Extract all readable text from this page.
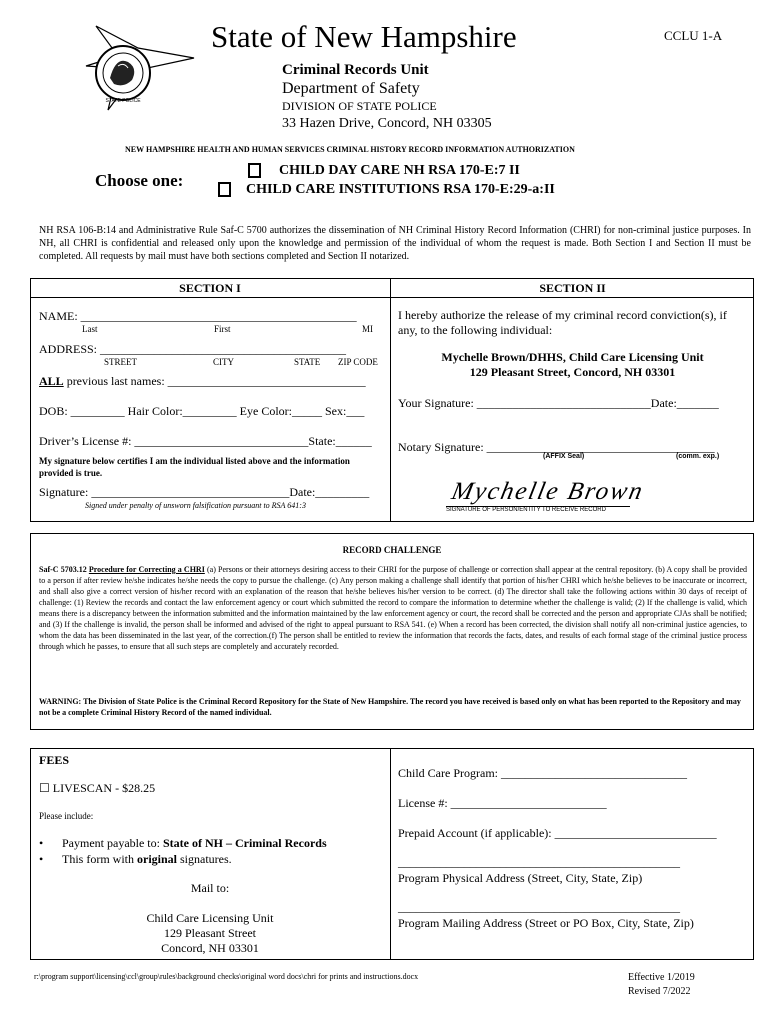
STATE POLICE
State of New Hampshire	CCLU 1-A
Criminal Records Unit
Department of Safety
DIVISION OF STATE POLICE
33 Hazen Drive, Concord, NH 03305
NEW HAMPSHIRE HEALTH AND HUMAN SERVICES CRIMINAL HISTORY RECORD INFORMATION AUTHORIZATION
Choose one:
CHILD DAY CARE NH RSA 170-E:7 II
CHILD CARE INSTITUTIONS RSA 170-E:29-a:II
NH RSA 106-B:14 and Administrative Rule Saf-C 5700 authorizes the dissemination of NH Criminal History Record Information (CHRI) for non-criminal justice purposes. In NH, all CHRI is confidential and released only upon the knowledge and permission of the individual of whom the request is made. Both Section I and Section II must be completed. All requests by mail must have both sections completed and Section II notarized.
SECTION I	SECTION II
NAME: ______________________________________________
Last	First	MI
ADDRESS: _________________________________________
STREET	CITY	STATE ZIP CODE
ALL previous last names: _________________________________
DOB: _________ Hair Color:_________ Eye Color:_____ Sex:___
Driver’s License #: _____________________________State:______
My signature below certifies I am the individual listed above and the information provided is true.
Signature: _________________________________Date:_________
Signed under penalty of unsworn falsification pursuant to RSA 641:3
I hereby authorize the release of my criminal record conviction(s), if any, to the following individual:
Mychelle Brown/DHHS, Child Care Licensing Unit
129 Pleasant Street, Concord, NH 03301
Your Signature: _____________________________Date:_______
Notary Signature: ______________________________________
(AFFIX Seal)	(comm. exp.)
Mychelle Brown
SIGNATURE OF PERSON/ENTITY TO RECEIVE RECORD
RECORD CHALLENGE
Saf-C 5703.12 Procedure for Correcting a CHRI (a) Persons or their attorneys desiring access to their CHRI for the purpose of challenge or correction shall appear at the central repository. (b) A copy shall be provided to a person if after review he/she indicates he/she needs the copy to pursue the challenge. (c) Any person making a challenge shall identify that portion of his/her CHRI which he/she believes to be inaccurate or incorrect, and shall also give a correct version of his/her record with an explanation of the reason that he/she believes his/her version to be correct. (d) The director shall take the following actions within 30 days of receipt of challenge: (1) Review the records and contact the law enforcement agency or court which submitted the record to compare the information to determine whether the challenge is valid; (2) If the challenge is valid, which means there is a discrepancy between the information submitted and the information maintained by the law enforcement agency or court, the record shall be corrected and the person and appropriate CJAs shall be notified; and (3) If the challenge is invalid, the person shall be informed and advised of the right to appeal pursuant to RSA 541. (e) When a record has been corrected, the division shall notify all non-criminal justice agencies, to whom the data has been disseminated in the last year, of the correction.(f) The person shall be entitled to review the information that records the facts, dates, and results of each formal stage of the criminal justice process through which he passes, to ensure that all such steps are completely and accurately recorded.
WARNING: The Division of State Police is the Criminal Record Repository for the State of New Hampshire. The record you have received is based only on what has been reported to the Repository and may not be a complete Criminal History Record of the named individual.
FEES
☐ LIVESCAN - $28.25
Please include:
• Payment payable to: State of NH – Criminal Records
• This form with original signatures.
Mail to:
Child Care Licensing Unit
129 Pleasant Street
Concord, NH 03301
Child Care Program: _______________________________
License #: __________________________
Prepaid Account (if applicable): ___________________________
_______________________________________________
Program Physical Address (Street, City, State, Zip)
_______________________________________________
Program Mailing Address (Street or PO Box, City, State, Zip)
r:\program support\licensing\ccl\group\rules\background checks\original word docs\chri for prints and instructions.docx	Effective 1/2019
Revised 7/2022
